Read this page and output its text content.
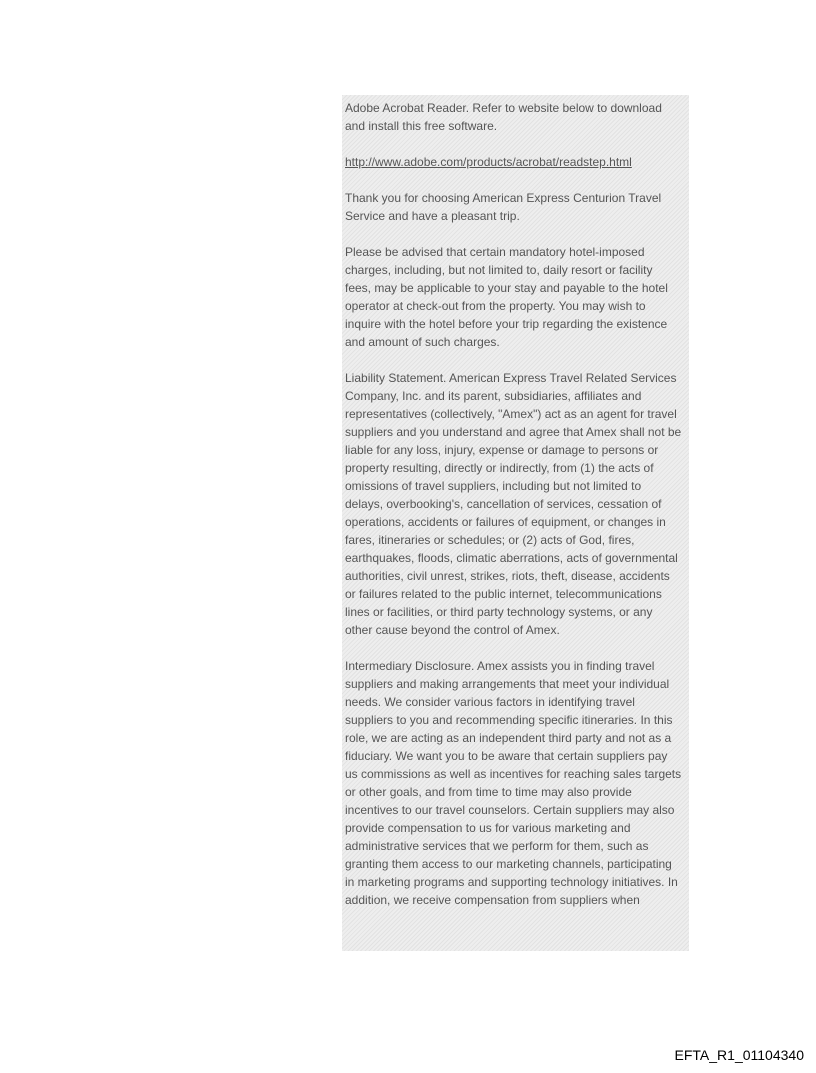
Adobe Acrobat Reader. Refer to website below to download
and install this free software.

http://www.adobe.com/products/acrobat/readstep.html

Thank you for choosing American Express Centurion Travel
Service and have a pleasant trip.

Please be advised that certain mandatory hotel-imposed
charges, including, but not limited to, daily resort or facility
fees, may be applicable to your stay and payable to the hotel
operator at check-out from the property. You may wish to
inquire with the hotel before your trip regarding the existence
and amount of such charges.

Liability Statement. American Express Travel Related Services
Company, Inc. and its parent, subsidiaries, affiliates and
representatives (collectively, "Amex") act as an agent for travel
suppliers and you understand and agree that Amex shall not be
liable for any loss, injury, expense or damage to persons or
property resulting, directly or indirectly, from (1) the acts of
omissions of travel suppliers, including but not limited to
delays, overbooking's, cancellation of services, cessation of
operations, accidents or failures of equipment, or changes in
fares, itineraries or schedules; or (2) acts of God, fires,
earthquakes, floods, climatic aberrations, acts of governmental
authorities, civil unrest, strikes, riots, theft, disease, accidents
or failures related to the public internet, telecommunications
lines or facilities, or third party technology systems, or any
other cause beyond the control of Amex.

Intermediary Disclosure. Amex assists you in finding travel
suppliers and making arrangements that meet your individual
needs. We consider various factors in identifying travel
suppliers to you and recommending specific itineraries. In this
role, we are acting as an independent third party and not as a
fiduciary. We want you to be aware that certain suppliers pay
us commissions as well as incentives for reaching sales targets
or other goals, and from time to time may also provide
incentives to our travel counselors. Certain suppliers may also
provide compensation to us for various marketing and
administrative services that we perform for them, such as
granting them access to our marketing channels, participating
in marketing programs and supporting technology initiatives. In
addition, we receive compensation from suppliers when

EFTA_R1_01104340
